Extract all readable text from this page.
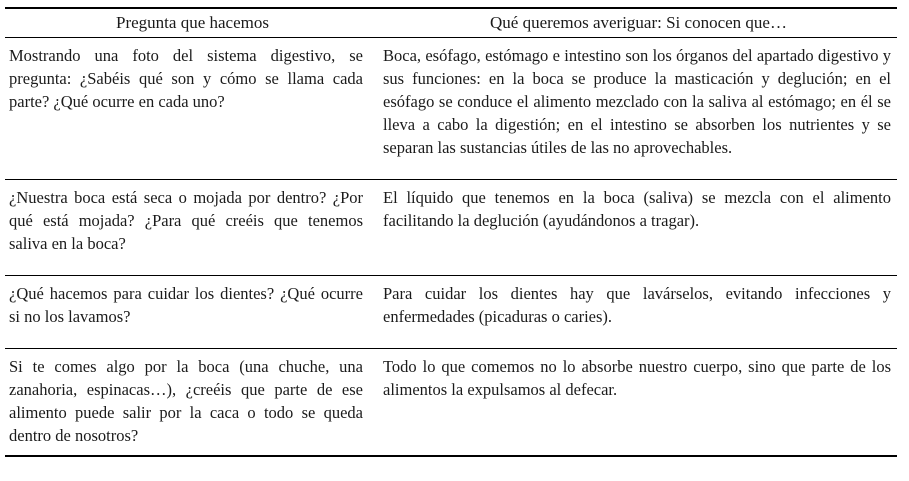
Pregunta que hacemos	Qué queremos averiguar: Si conocen que…
Mostrando una foto del sistema digestivo, se pregunta: ¿Sabéis qué son y cómo se llama cada parte? ¿Qué ocurre en cada uno?	Boca, esófago, estómago e intestino son los órganos del apartado digestivo y sus funciones: en la boca se produce la masticación y deglución; en el esófago se conduce el alimento mezclado con la saliva al estómago; en él se lleva a cabo la digestión; en el intestino se absorben los nutrientes y se separan las sustancias útiles de las no aprovechables.
¿Nuestra boca está seca o mojada por dentro? ¿Por qué está mojada? ¿Para qué creéis que tenemos saliva en la boca?	El líquido que tenemos en la boca (saliva) se mezcla con el alimento facilitando la deglución (ayudándonos a tragar).
¿Qué hacemos para cuidar los dientes? ¿Qué ocurre si no los lavamos?	Para cuidar los dientes hay que lavárselos, evitando infecciones y enfermedades (picaduras o caries).
Si te comes algo por la boca (una chuche, una zanahoria, espinacas…), ¿creéis que parte de ese alimento puede salir por la caca o todo se queda dentro de nosotros?	Todo lo que comemos no lo absorbe nuestro cuerpo, sino que parte de los alimentos la expulsamos al defecar.
